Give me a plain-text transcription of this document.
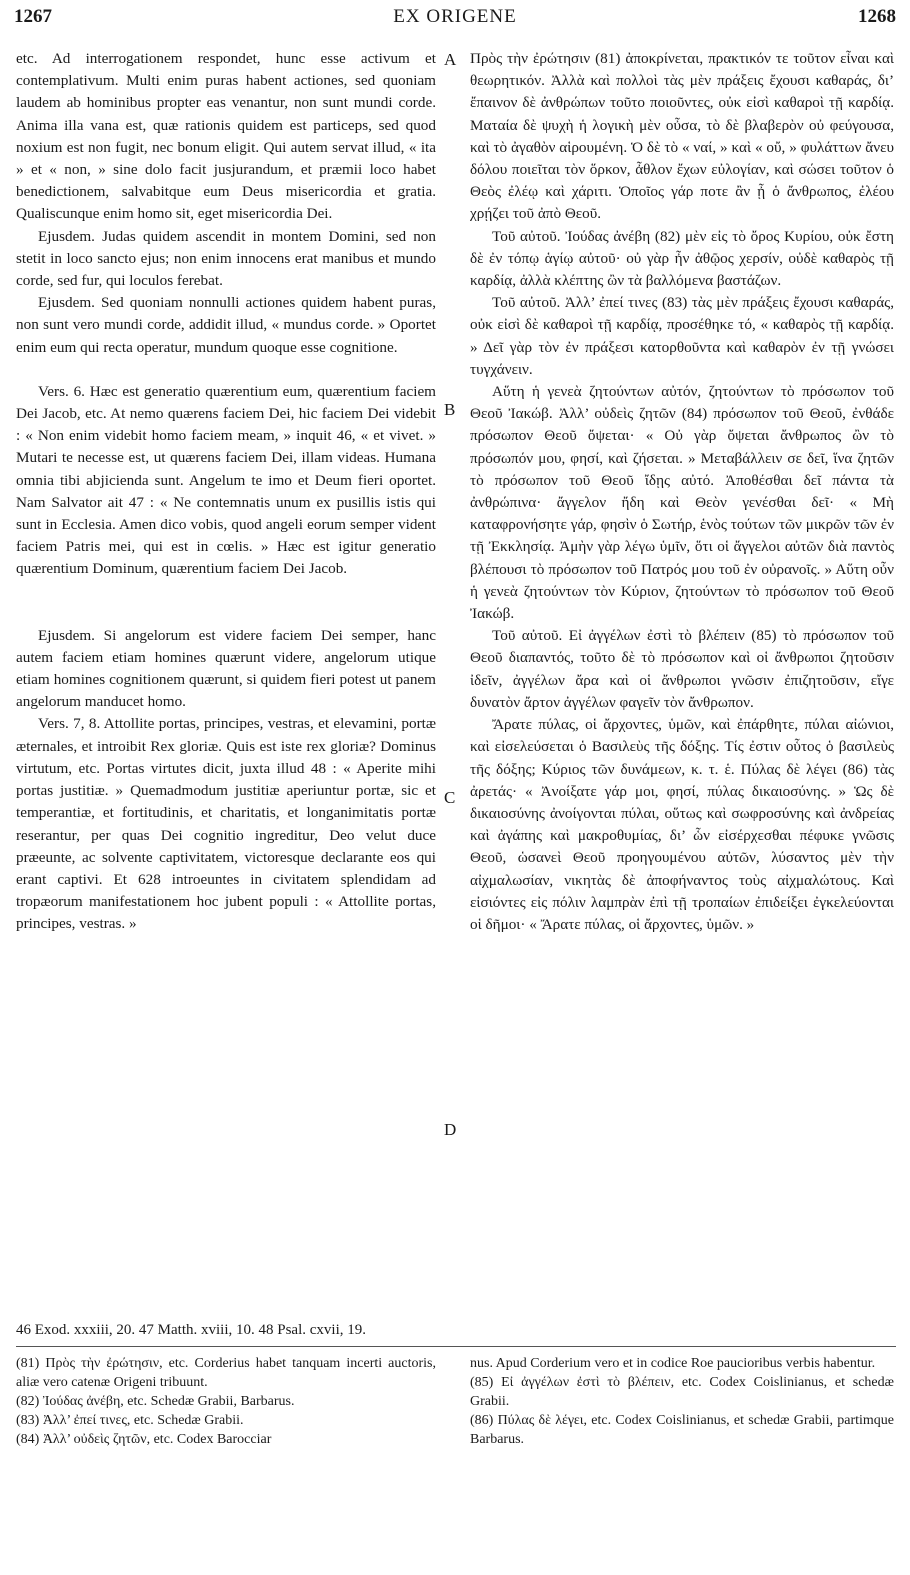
1267	EX ORIGENE	1268
A
B
C
D

etc. Ad interrogationem respondet, hunc esse activum et contemplativum. Multi enim puras habent actiones, sed quoniam laudem ab hominibus propter eas venantur, non sunt mundi corde. Anima illa vana est, quæ rationis quidem est particeps, sed quod noxium est non fugit, nec bonum eligit. Qui autem servat illud, « ita » et « non, » sine dolo facit jusjurandum, et præmii loco habet benedictionem, salvabitque eum Deus misericordia et gratia. Qualiscunque enim homo sit, eget misericordia Dei.

Ejusdem. Judas quidem ascendit in montem Domini, sed non stetit in loco sancto ejus; non enim innocens erat manibus et mundo corde, sed fur, qui loculos ferebat.

Ejusdem. Sed quoniam nonnulli actiones quidem habent puras, non sunt vero mundi corde, addidit illud, « mundus corde. » Oportet enim eum qui recta operatur, mundum quoque esse cognitione.

Vers. 6. Hæc est generatio quærentium eum, quærentium faciem Dei Jacob, etc. At nemo quærens faciem Dei, hic faciem Dei videbit : « Non enim videbit homo faciem meam, » inquit 46, « et vivet. » Mutari te necesse est, ut quærens faciem Dei, illam videas. Humana omnia tibi abjicienda sunt. Angelum te imo et Deum fieri oportet. Nam Salvator ait 47 : « Ne contemnatis unum ex pusillis istis qui sunt in Ecclesia. Amen dico vobis, quod angeli eorum semper vident faciem Patris mei, qui est in cœlis. » Hæc est igitur generatio quærentium Dominum, quærentium faciem Dei Jacob.

Ejusdem. Si angelorum est videre faciem Dei semper, hanc autem faciem etiam homines quærunt videre, angelorum utique etiam homines cognitionem quærunt, si quidem fieri potest ut panem angelorum manducet homo.

Vers. 7, 8. Attollite portas, principes, vestras, et elevamini, portæ æternales, et introibit Rex gloriæ. Quis est iste rex gloriæ? Dominus virtutum, etc. Portas virtutes dicit, juxta illud 48 : « Aperite mihi portas justitiæ. » Quemadmodum justitiæ aperiuntur portæ, sic et temperantiæ, et fortitudinis, et charitatis, et longanimitatis portæ reserantur, per quas Dei cognitio ingreditur, Deo velut duce præeunte, ac solvente captivitatem, victoresque declarante eos qui erant captivi. Et 628 introeuntes in civitatem splendidam ad tropæorum manifestationem hoc jubent populi : « Attollite portas, principes, vestras. »

Πρὸς τὴν ἐρώτησιν (81) ἀποκρίνεται, πρακτικόν τε τοῦτον εἶναι καὶ θεωρητικόν. Ἀλλὰ καὶ πολλοὶ τὰς μὲν πράξεις ἔχουσι καθαράς, δι’ ἔπαινον δὲ ἀνθρώπων τοῦτο ποιοῦντες, οὐκ εἰσὶ καθαροὶ τῇ καρδίᾳ. Ματαία δὲ ψυχὴ ἡ λογικὴ μὲν οὖσα, τὸ δὲ βλαβερὸν οὐ φεύγουσα, καὶ τὸ ἀγαθὸν αἱρουμένη. Ὁ δὲ τὸ « ναί, » καὶ « οὔ, » φυλάττων ἄνευ δόλου ποιεῖται τὸν ὅρκον, ἆθλον ἔχων εὐλογίαν, καὶ σώσει τοῦτον ὁ Θεὸς ἐλέῳ καὶ χάριτι. Ὁποῖος γάρ ποτε ἂν ᾖ ὁ ἄνθρωπος, ἐλέου χρῄζει τοῦ ἀπὸ Θεοῦ.

Τοῦ αὐτοῦ. Ἰούδας ἀνέβη (82) μὲν εἰς τὸ ὄρος Κυρίου, οὐκ ἔστη δὲ ἐν τόπῳ ἁγίῳ αὐτοῦ· οὐ γὰρ ἦν ἀθῷος χερσίν, οὐδὲ καθαρὸς τῇ καρδίᾳ, ἀλλὰ κλέπτης ὢν τὰ βαλλόμενα βαστάζων.

Τοῦ αὐτοῦ. Ἀλλ’ ἐπεί τινες (83) τὰς μὲν πράξεις ἔχουσι καθαράς, οὐκ εἰσὶ δὲ καθαροὶ τῇ καρδίᾳ, προσέθηκε τό, « καθαρὸς τῇ καρδίᾳ. » Δεῖ γὰρ τὸν ἐν πράξεσι κατορθοῦντα καὶ καθαρὸν ἐν τῇ γνώσει τυγχάνειν.

Αὕτη ἡ γενεὰ ζητούντων αὐτόν, ζητούντων τὸ πρόσωπον τοῦ Θεοῦ Ἰακώβ. Ἀλλ’ οὐδεὶς ζητῶν (84) πρόσωπον τοῦ Θεοῦ, ἐνθάδε πρόσωπον Θεοῦ ὄψεται· « Οὐ γὰρ ὄψεται ἄνθρωπος ὢν τὸ πρόσωπόν μου, φησί, καὶ ζήσεται. » Μεταβάλλειν σε δεῖ, ἵνα ζητῶν τὸ πρόσωπον τοῦ Θεοῦ ἴδῃς αὐτό. Ἀποθέσθαι δεῖ πάντα τὰ ἀνθρώπινα· ἄγγελον ἤδη καὶ Θεὸν γενέσθαι δεῖ· « Μὴ καταφρονήσητε γάρ, φησὶν ὁ Σωτήρ, ἑνὸς τούτων τῶν μικρῶν τῶν ἐν τῇ Ἐκκλησίᾳ. Ἀμὴν γὰρ λέγω ὑμῖν, ὅτι οἱ ἄγγελοι αὐτῶν διὰ παντὸς βλέπουσι τὸ πρόσωπον τοῦ Πατρός μου τοῦ ἐν οὐρανοῖς. » Αὕτη οὖν ἡ γενεὰ ζητούντων τὸν Κύριον, ζητούντων τὸ πρόσωπον τοῦ Θεοῦ Ἰακώβ.

Τοῦ αὐτοῦ. Εἰ ἀγγέλων ἐστὶ τὸ βλέπειν (85) τὸ πρόσωπον τοῦ Θεοῦ διαπαντός, τοῦτο δὲ τὸ πρόσωπον καὶ οἱ ἄνθρωποι ζητοῦσιν ἰδεῖν, ἀγγέλων ἄρα καὶ οἱ ἄνθρωποι γνῶσιν ἐπιζητοῦσιν, εἴγε δυνατὸν ἄρτον ἀγγέλων φαγεῖν τὸν ἄνθρωπον.

Ἄρατε πύλας, οἱ ἄρχοντες, ὑμῶν, καὶ ἐπάρθητε, πύλαι αἰώνιοι, καὶ εἰσελεύσεται ὁ Βασιλεὺς τῆς δόξης. Τίς ἐστιν οὗτος ὁ βασιλεὺς τῆς δόξης; Κύριος τῶν δυνάμεων, κ. τ. ἑ. Πύλας δὲ λέγει (86) τὰς ἀρετάς· « Ἀνοίξατε γάρ μοι, φησί, πύλας δικαιοσύνης. » Ὡς δὲ δικαιοσύνης ἀνοίγονται πύλαι, οὕτως καὶ σωφροσύνης καὶ ἀνδρείας καὶ ἀγάπης καὶ μακροθυμίας, δι’ ὧν εἰσέρχεσθαι πέφυκε γνῶσις Θεοῦ, ὡσανεὶ Θεοῦ προηγουμένου αὐτῶν, λύσαντος μὲν τὴν αἰχμαλωσίαν, νικητὰς δὲ ἀποφήναντος τοὺς αἰχμαλώτους. Καὶ εἰσιόντες εἰς πόλιν λαμπρὰν ἐπὶ τῇ τροπαίων ἐπιδείξει ἐγκελεύονται οἱ δῆμοι· « Ἄρατε πύλας, οἱ ἄρχοντες, ὑμῶν. »

46 Exod. xxxiii, 20. 47 Matth. xviii, 10. 48 Psal. cxvii, 19.

(81) Πρὸς τὴν ἐρώτησιν, etc. Corderius habet tanquam incerti auctoris, aliæ vero catenæ Origeni tribuunt.

(82) Ἰούδας ἀνέβη, etc. Schedæ Grabii, Barbarus.

(83) Ἀλλ’ ἐπεί τινες, etc. Schedæ Grabii.

(84) Ἀλλ’ οὐδεὶς ζητῶν, etc. Codex Barocciar

nus. Apud Corderium vero et in codice Roe paucioribus verbis habentur.

(85) Εἰ ἀγγέλων ἐστὶ τὸ βλέπειν, etc. Codex Coislinianus, et schedæ Grabii.

(86) Πύλας δὲ λέγει, etc. Codex Coislinianus, et schedæ Grabii, partimque Barbarus.
